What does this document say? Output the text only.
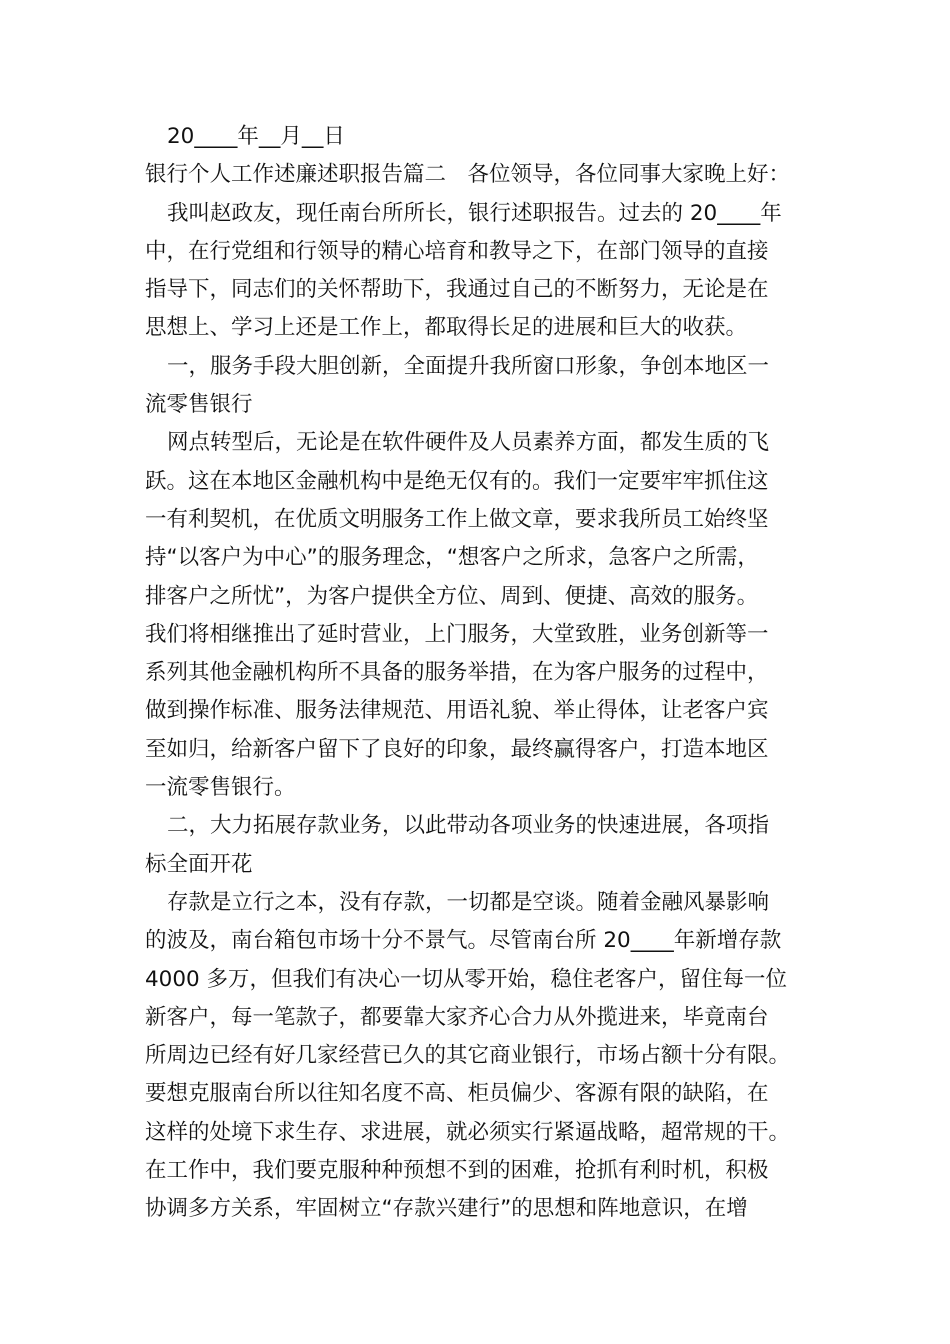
20____年__月__日
银行个人工作述廉述职报告篇二　各位领导，各位同事大家晚上好：
我叫赵政友，现任南台所所长，银行述职报告。过去的 20____年
中，在行党组和行领导的精心培育和教导之下，在部门领导的直接
指导下，同志们的关怀帮助下，我通过自己的不断努力，无论是在
思想上、学习上还是工作上，都取得长足的进展和巨大的收获。
一，服务手段大胆创新，全面提升我所窗口形象，争创本地区一
流零售银行
网点转型后，无论是在软件硬件及人员素养方面，都发生质的飞
跃。这在本地区金融机构中是绝无仅有的。我们一定要牢牢抓住这
一有利契机，在优质文明服务工作上做文章，要求我所员工始终坚
持“以客户为中心”的服务理念，“想客户之所求，急客户之所需，
排客户之所忧”，为客户提供全方位、周到、便捷、高效的服务。
我们将相继推出了延时营业，上门服务，大堂致胜，业务创新等一
系列其他金融机构所不具备的服务举措，在为客户服务的过程中，
做到操作标准、服务法律规范、用语礼貌、举止得体，让老客户宾
至如归，给新客户留下了良好的印象，最终赢得客户，打造本地区
一流零售银行。
二，大力拓展存款业务，以此带动各项业务的快速进展，各项指
标全面开花
存款是立行之本，没有存款，一切都是空谈。随着金融风暴影响
的波及，南台箱包市场十分不景气。尽管南台所 20____年新增存款
4000 多万，但我们有决心一切从零开始，稳住老客户，留住每一位
新客户，每一笔款子，都要靠大家齐心合力从外揽进来，毕竟南台
所周边已经有好几家经营已久的其它商业银行，市场占额十分有限。
要想克服南台所以往知名度不高、柜员偏少、客源有限的缺陷，在
这样的处境下求生存、求进展，就必须实行紧逼战略，超常规的干。
在工作中，我们要克服种种预想不到的困难，抢抓有利时机，积极
协调多方关系，牢固树立“存款兴建行”的思想和阵地意识，在增
